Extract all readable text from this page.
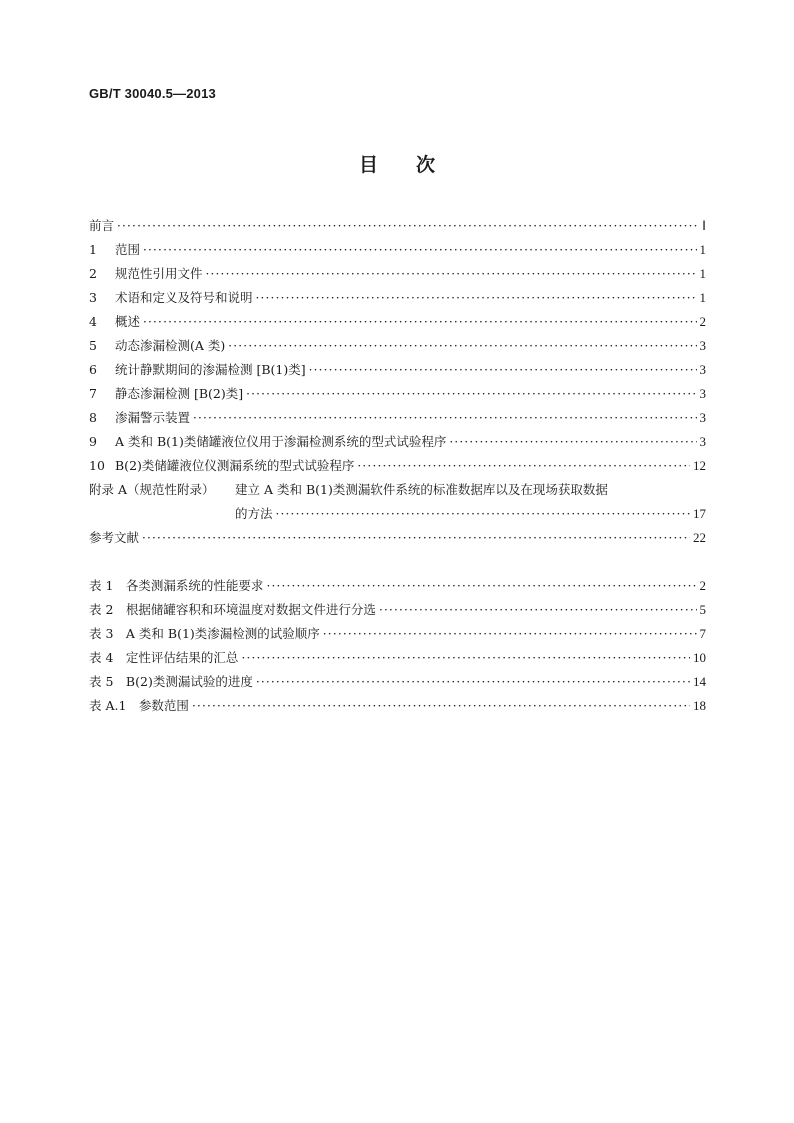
GB/T 30040.5—2013
目次
前言 ·····	Ⅰ
1 范围 ·····	1
2 规范性引用文件 ·····	1
3 术语和定义及符号和说明 ·····	1
4 概述 ·····	2
5 动态渗漏检测(A 类) ·····	3
6 统计静默期间的渗漏检测 [B(1)类] ·····	3
7 静态渗漏检测 [B(2)类] ·····	3
8 渗漏警示装置 ·····	3
9 A 类和 B(1)类储罐液位仪用于渗漏检测系统的型式试验程序 ·····	3
10 B(2)类储罐液位仪测漏系统的型式试验程序 ·····	12
附录 A（规范性附录） 建立 A 类和 B(1)类测漏软件系统的标准数据库以及在现场获取数据
的方法 ·····	17
参考文献 ·····	22
表 1　各类测漏系统的性能要求 ·····	2
表 2　根据储罐容积和环境温度对数据文件进行分选 ·····	5
表 3　A 类和 B(1)类渗漏检测的试验顺序 ·····	7
表 4　定性评估结果的汇总 ·····	10
表 5　B(2)类测漏试验的进度 ·····	14
表 A.1　参数范围 ·····	18
